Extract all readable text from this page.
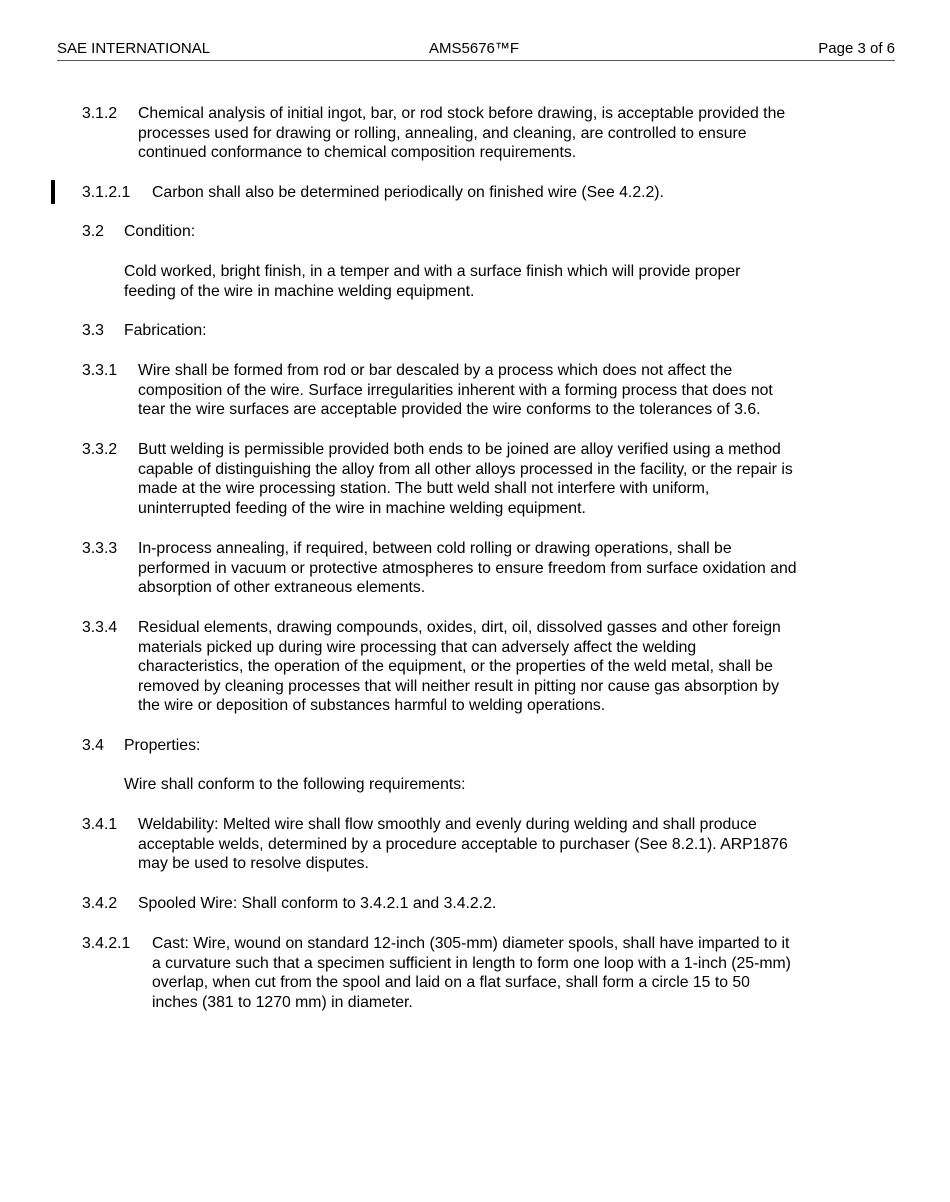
SAE INTERNATIONAL	AMS5676™F	Page 3 of 6
3.1.2 Chemical analysis of initial ingot, bar, or rod stock before drawing, is acceptable provided the
processes used for drawing or rolling, annealing, and cleaning, are controlled to ensure
continued conformance to chemical composition requirements.
3.1.2.1 Carbon shall also be determined periodically on finished wire (See 4.2.2).
3.2 Condition:
Cold worked, bright finish, in a temper and with a surface finish which will provide proper
feeding of the wire in machine welding equipment.
3.3 Fabrication:
3.3.1 Wire shall be formed from rod or bar descaled by a process which does not affect the
composition of the wire. Surface irregularities inherent with a forming process that does not
tear the wire surfaces are acceptable provided the wire conforms to the tolerances of 3.6.
3.3.2 Butt welding is permissible provided both ends to be joined are alloy verified using a method
capable of distinguishing the alloy from all other alloys processed in the facility, or the repair is
made at the wire processing station. The butt weld shall not interfere with uniform,
uninterrupted feeding of the wire in machine welding equipment.
3.3.3 In-process annealing, if required, between cold rolling or drawing operations, shall be
performed in vacuum or protective atmospheres to ensure freedom from surface oxidation and
absorption of other extraneous elements.
3.3.4 Residual elements, drawing compounds, oxides, dirt, oil, dissolved gasses and other foreign
materials picked up during wire processing that can adversely affect the welding
characteristics, the operation of the equipment, or the properties of the weld metal, shall be
removed by cleaning processes that will neither result in pitting nor cause gas absorption by
the wire or deposition of substances harmful to welding operations.
3.4 Properties:
Wire shall conform to the following requirements:
3.4.1 Weldability: Melted wire shall flow smoothly and evenly during welding and shall produce
acceptable welds, determined by a procedure acceptable to purchaser (See 8.2.1). ARP1876
may be used to resolve disputes.
3.4.2 Spooled Wire: Shall conform to 3.4.2.1 and 3.4.2.2.
3.4.2.1 Cast: Wire, wound on standard 12-inch (305-mm) diameter spools, shall have imparted to it
a curvature such that a specimen sufficient in length to form one loop with a 1-inch (25-mm)
overlap, when cut from the spool and laid on a flat surface, shall form a circle 15 to 50
inches (381 to 1270 mm) in diameter.
